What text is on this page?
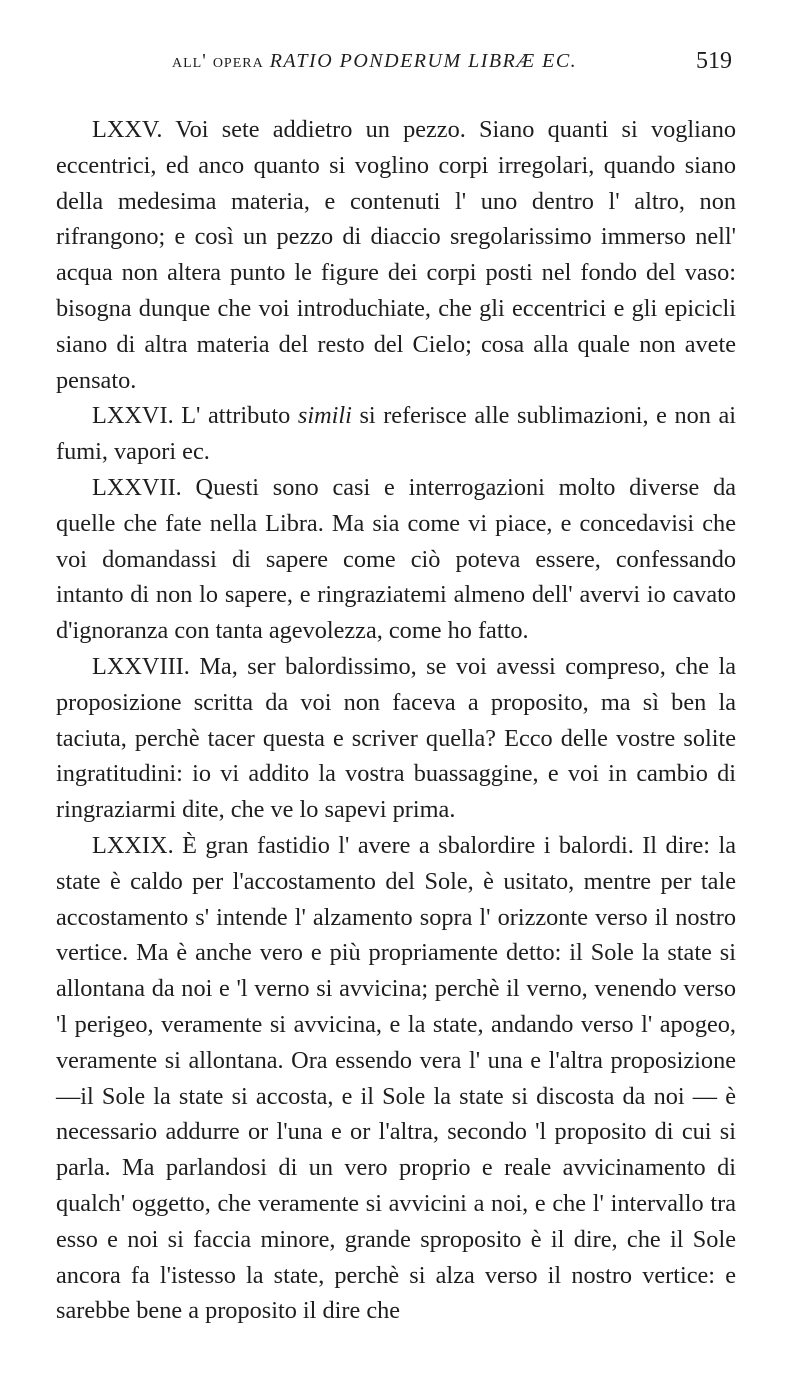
all' opera RATIO PONDERUM LIBRÆ EC.	519

LXXV. Voi sete addietro un pezzo. Siano quanti si vogliano eccentrici, ed anco quanto si voglino corpi irregolari, quando siano della medesima materia, e contenuti l' uno dentro l' altro, non rifrangono; e così un pezzo di diaccio sregolarissimo immerso nell' acqua non altera punto le figure dei corpi posti nel fondo del vaso: bisogna dunque che voi introduchiate, che gli eccentrici e gli epicicli siano di altra materia del resto del Cielo; cosa alla quale non avete pensato.

LXXVI. L' attributo simili si referisce alle sublimazioni, e non ai fumi, vapori ec.

LXXVII. Questi sono casi e interrogazioni molto diverse da quelle che fate nella Libra. Ma sia come vi piace, e concedavisi che voi domandassi di sapere come ciò poteva essere, confessando intanto di non lo sapere, e ringraziatemi almeno dell' avervi io cavato d'ignoranza con tanta agevolezza, come ho fatto.

LXXVIII. Ma, ser balordissimo, se voi avessi compreso, che la proposizione scritta da voi non faceva a proposito, ma sì ben la taciuta, perchè tacer questa e scriver quella? Ecco delle vostre solite ingratitudini: io vi addito la vostra buassaggine, e voi in cambio di ringraziarmi dite, che ve lo sapevi prima.

LXXIX. È gran fastidio l' avere a sbalordire i balordi. Il dire: la state è caldo per l'accostamento del Sole, è usitato, mentre per tale accostamento s' intende l' alzamento sopra l' orizzonte verso il nostro vertice. Ma è anche vero e più propriamente detto: il Sole la state si allontana da noi e 'l verno si avvicina; perchè il verno, venendo verso 'l perigeo, veramente si avvicina, e la state, andando verso l' apogeo, veramente si allontana. Ora essendo vera l' una e l'altra proposizione—il Sole la state si accosta, e il Sole la state si discosta da noi — è necessario addurre or l'una e or l'altra, secondo 'l proposito di cui si parla. Ma parlandosi di un vero proprio e reale avvicinamento di qualch' oggetto, che veramente si avvicini a noi, e che l' intervallo tra esso e noi si faccia minore, grande sproposito è il dire, che il Sole ancora fa l'istesso la state, perchè si alza verso il nostro vertice: e sarebbe bene a proposito il dire che
